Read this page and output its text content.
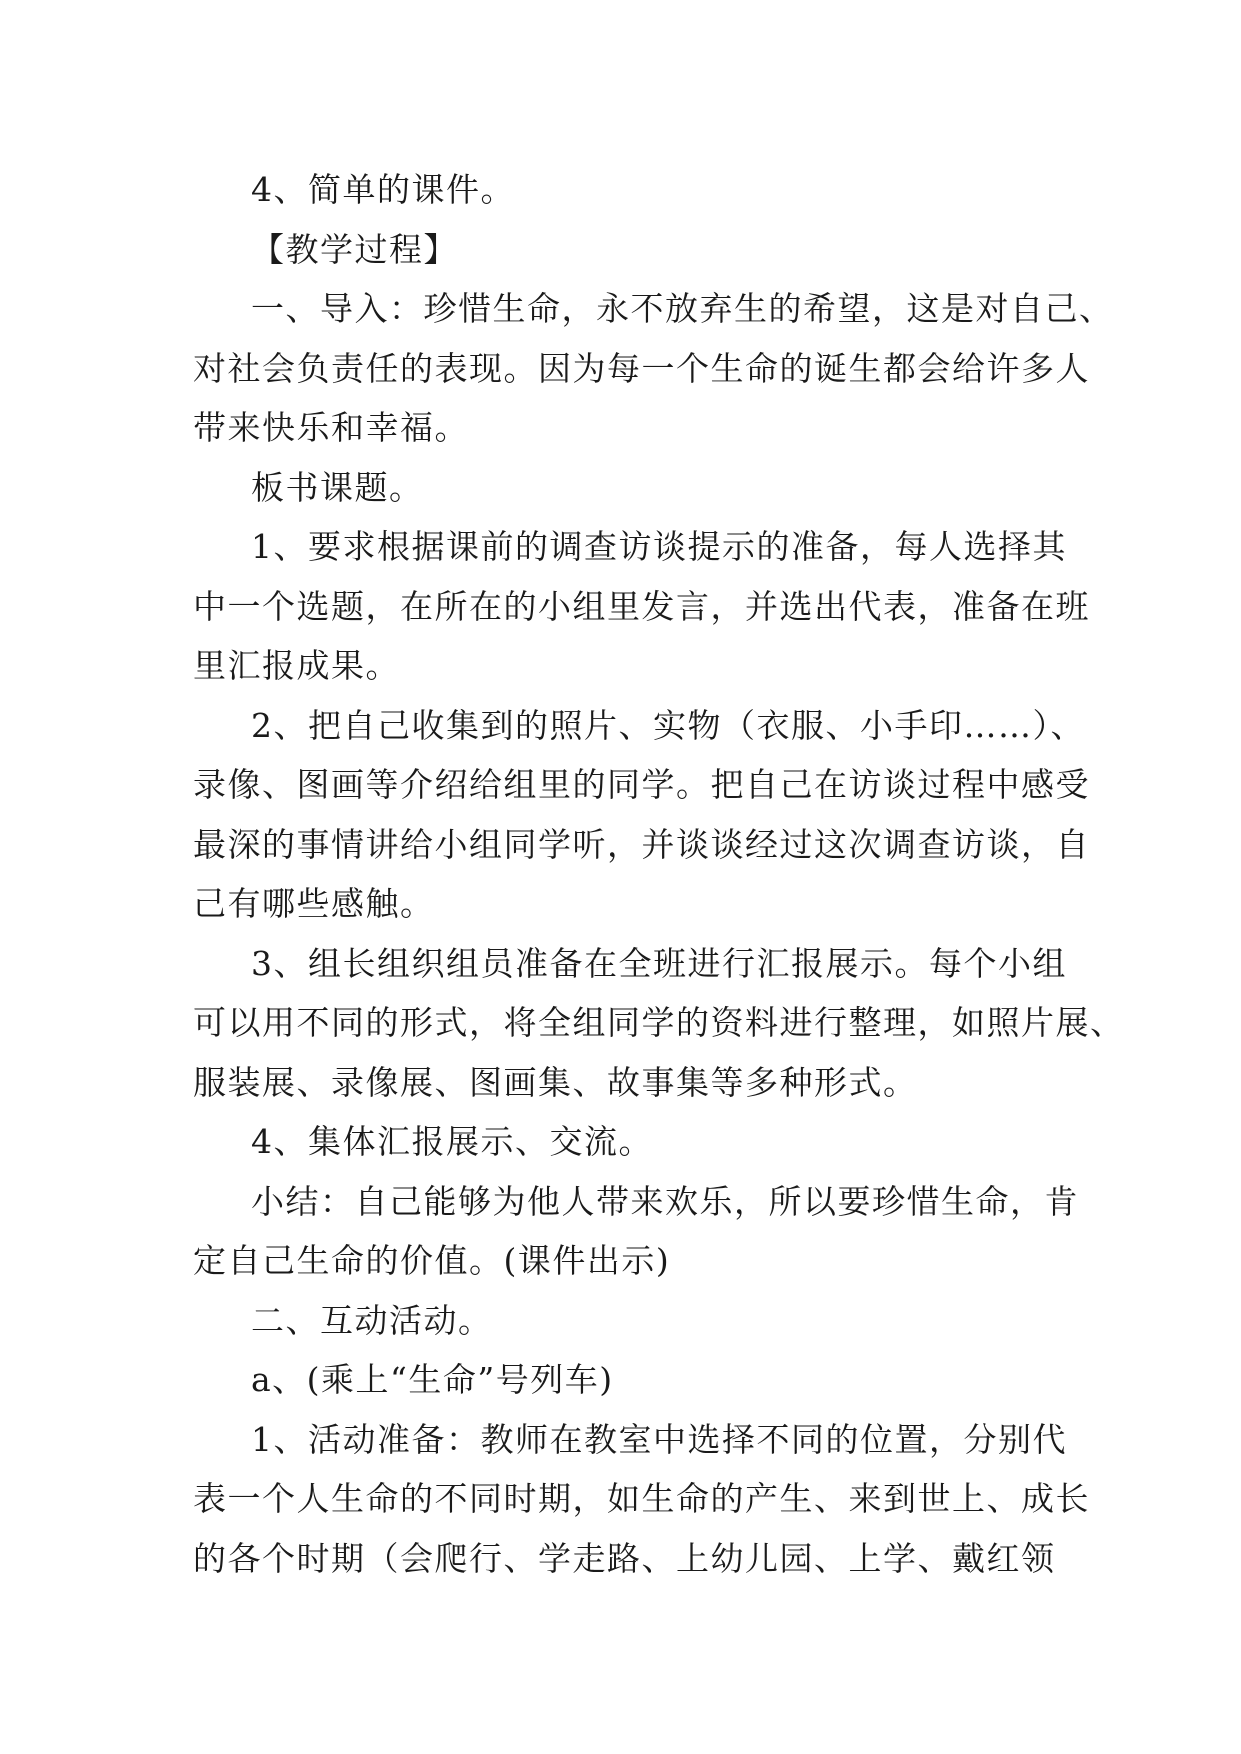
4、简单的课件。
【教学过程】
一、导入：珍惜生命，永不放弃生的希望，这是对自己、
对社会负责任的表现。因为每一个生命的诞生都会给许多人
带来快乐和幸福。
板书课题。
1、要求根据课前的调查访谈提示的准备，每人选择其
中一个选题，在所在的小组里发言，并选出代表，准备在班
里汇报成果。
2、把自己收集到的照片、实物（衣服、小手印……）、
录像、图画等介绍给组里的同学。把自己在访谈过程中感受
最深的事情讲给小组同学听，并谈谈经过这次调查访谈，自
己有哪些感触。
3、组长组织组员准备在全班进行汇报展示。每个小组
可以用不同的形式，将全组同学的资料进行整理，如照片展、
服装展、录像展、图画集、故事集等多种形式。
4、集体汇报展示、交流。
小结：自己能够为他人带来欢乐，所以要珍惜生命，肯
定自己生命的价值。(课件出示)
二、互动活动。
a、(乘上“生命”号列车)
1、活动准备：教师在教室中选择不同的位置，分别代
表一个人生命的不同时期，如生命的产生、来到世上、成长
的各个时期（会爬行、学走路、上幼儿园、上学、戴红领
